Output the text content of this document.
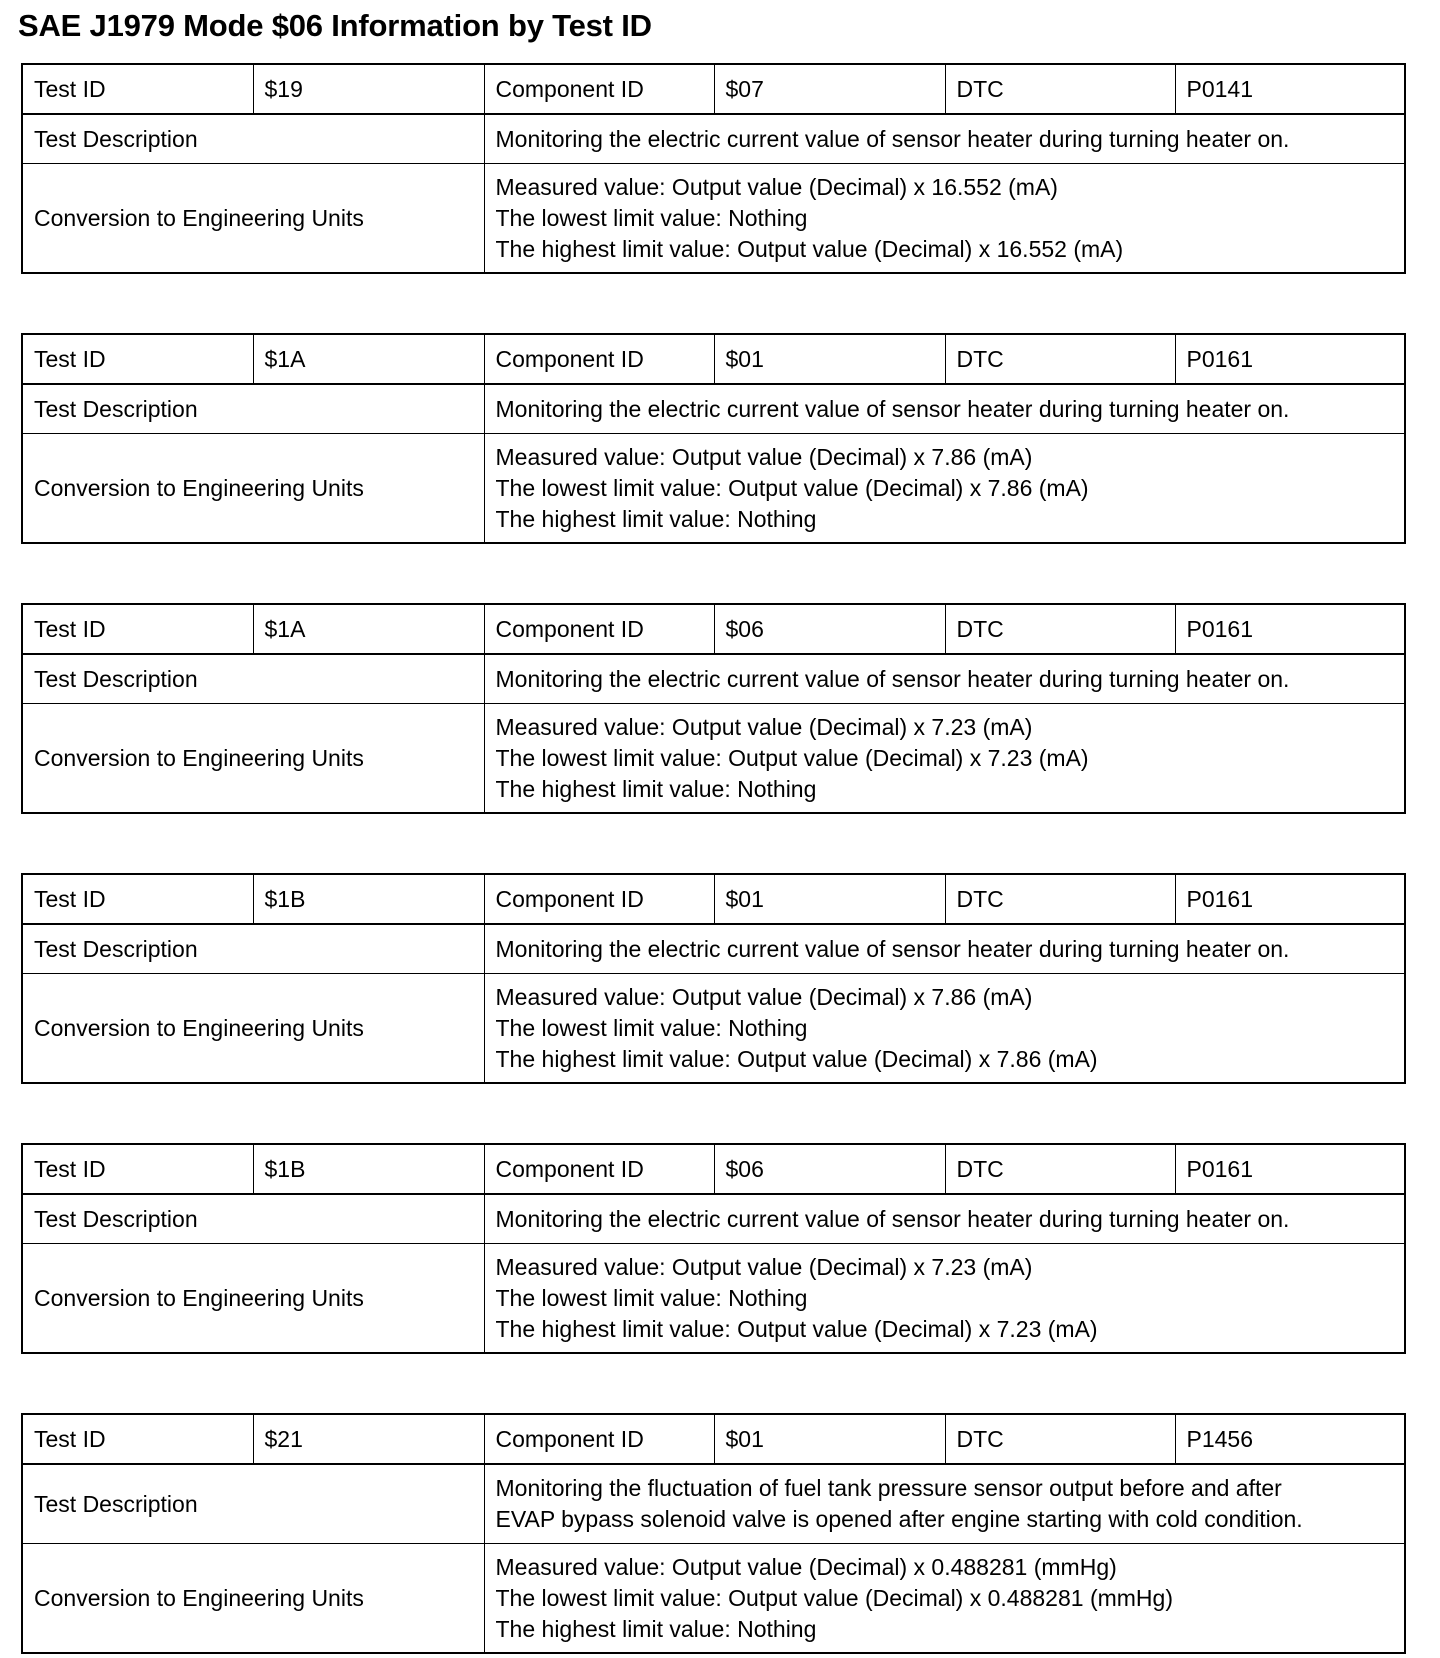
SAE J1979 Mode $06 Information by Test ID
Test ID	$19	Component ID	$07	DTC	P0141
Test Description		Monitoring the electric current value of sensor heater during turning heater on.			

Conversion to Engineering Units		Measured value: Output value (Decimal) x 16.552 (mA)
The lowest limit value: Nothing
The highest limit value: Output value (Decimal) x 16.552 (mA)			
Test ID	$1A	Component ID	$01	DTC	P0161
Test Description		Monitoring the electric current value of sensor heater during turning heater on.			

Conversion to Engineering Units		Measured value: Output value (Decimal) x 7.86 (mA)
The lowest limit value: Output value (Decimal) x 7.86 (mA)
The highest limit value: Nothing			
Test ID	$1A	Component ID	$06	DTC	P0161
Test Description		Monitoring the electric current value of sensor heater during turning heater on.			

Conversion to Engineering Units		Measured value: Output value (Decimal) x 7.23 (mA)
The lowest limit value: Output value (Decimal) x 7.23 (mA)
The highest limit value: Nothing			
Test ID	$1B	Component ID	$01	DTC	P0161
Test Description		Monitoring the electric current value of sensor heater during turning heater on.			

Conversion to Engineering Units		Measured value: Output value (Decimal) x 7.86 (mA)
The lowest limit value: Nothing
The highest limit value: Output value (Decimal) x 7.86 (mA)			
Test ID	$1B	Component ID	$06	DTC	P0161
Test Description		Monitoring the electric current value of sensor heater during turning heater on.			

Conversion to Engineering Units		Measured value: Output value (Decimal) x 7.23 (mA)
The lowest limit value: Nothing
The highest limit value: Output value (Decimal) x 7.23 (mA)			
Test ID	$21	Component ID	$01	DTC	P1456
Test Description		Monitoring the fluctuation of fuel tank pressure sensor output before and after
EVAP bypass solenoid valve is opened after engine starting with cold condition.			

Conversion to Engineering Units		Measured value: Output value (Decimal) x 0.488281 (mmHg)
The lowest limit value: Output value (Decimal) x 0.488281 (mmHg)
The highest limit value: Nothing			
